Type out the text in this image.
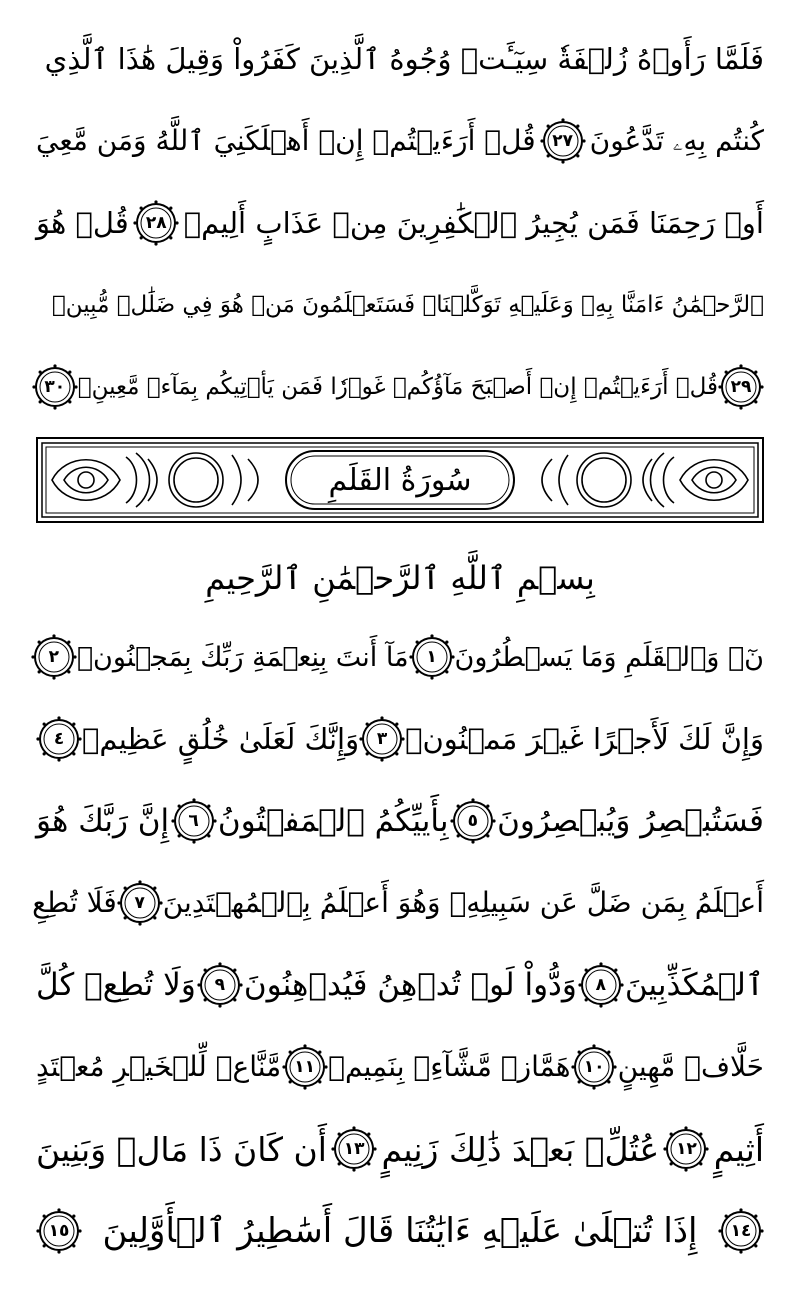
فَلَمَّا رَأَوۡهُ زُلۡفَةٗ سِيٓـَٔتۡ وُجُوهُ ٱلَّذِينَ كَفَرُواْ وَقِيلَ هَٰذَا ٱلَّذِي
كُنتُم بِهِۦ تَدَّعُونَ
٢٧
قُلۡ أَرَءَيۡتُمۡ إِنۡ أَهۡلَكَنِيَ ٱللَّهُ وَمَن مَّعِيَ
أَوۡ رَحِمَنَا فَمَن يُجِيرُ ٱلۡكَٰفِرِينَ مِنۡ عَذَابٍ أَلِيمٖ
٢٨
قُلۡ هُوَ
ٱلرَّحۡمَٰنُ ءَامَنَّا بِهِۦ وَعَلَيۡهِ تَوَكَّلۡنَاۖ فَسَتَعۡلَمُونَ مَنۡ هُوَ فِي ضَلَٰلٖ مُّبِينٖ
٢٩
قُلۡ أَرَءَيۡتُمۡ إِنۡ أَصۡبَحَ مَآؤُكُمۡ غَوۡرٗا فَمَن يَأۡتِيكُم بِمَآءٖ مَّعِينِۭ
٣٠
سُورَةُ القَلَمِ
بِسۡمِ ٱللَّهِ ٱلرَّحۡمَٰنِ ٱلرَّحِيمِ
نٓۚ وَٱلۡقَلَمِ وَمَا يَسۡطُرُونَ
١
مَآ أَنتَ بِنِعۡمَةِ رَبِّكَ بِمَجۡنُونٖ
٢
وَإِنَّ لَكَ لَأَجۡرًا غَيۡرَ مَمۡنُونٖ
٣
وَإِنَّكَ لَعَلَىٰ خُلُقٍ عَظِيمٖ
٤
فَسَتُبۡصِرُ وَيُبۡصِرُونَ
٥
بِأَييِّكُمُ ٱلۡمَفۡتُونُ
٦
إِنَّ رَبَّكَ هُوَ
أَعۡلَمُ بِمَن ضَلَّ عَن سَبِيلِهِۦ وَهُوَ أَعۡلَمُ بِٱلۡمُهۡتَدِينَ
٧
فَلَا تُطِعِ
ٱلۡمُكَذِّبِينَ
٨
وَدُّواْ لَوۡ تُدۡهِنُ فَيُدۡهِنُونَ
٩
وَلَا تُطِعۡ كُلَّ
حَلَّافٖ مَّهِينٍ
١٠
هَمَّازٖ مَّشَّآءِۭ بِنَمِيمٖ
١١
مَّنَّاعٖ لِّلۡخَيۡرِ مُعۡتَدٍ
أَثِيمٍ
١٢
عُتُلِّۭ بَعۡدَ ذَٰلِكَ زَنِيمٍ
١٣
أَن كَانَ ذَا مَالٖ وَبَنِينَ
١٤
إِذَا تُتۡلَىٰ عَلَيۡهِ ءَايَٰتُنَا قَالَ أَسَٰطِيرُ ٱلۡأَوَّلِينَ
١٥
